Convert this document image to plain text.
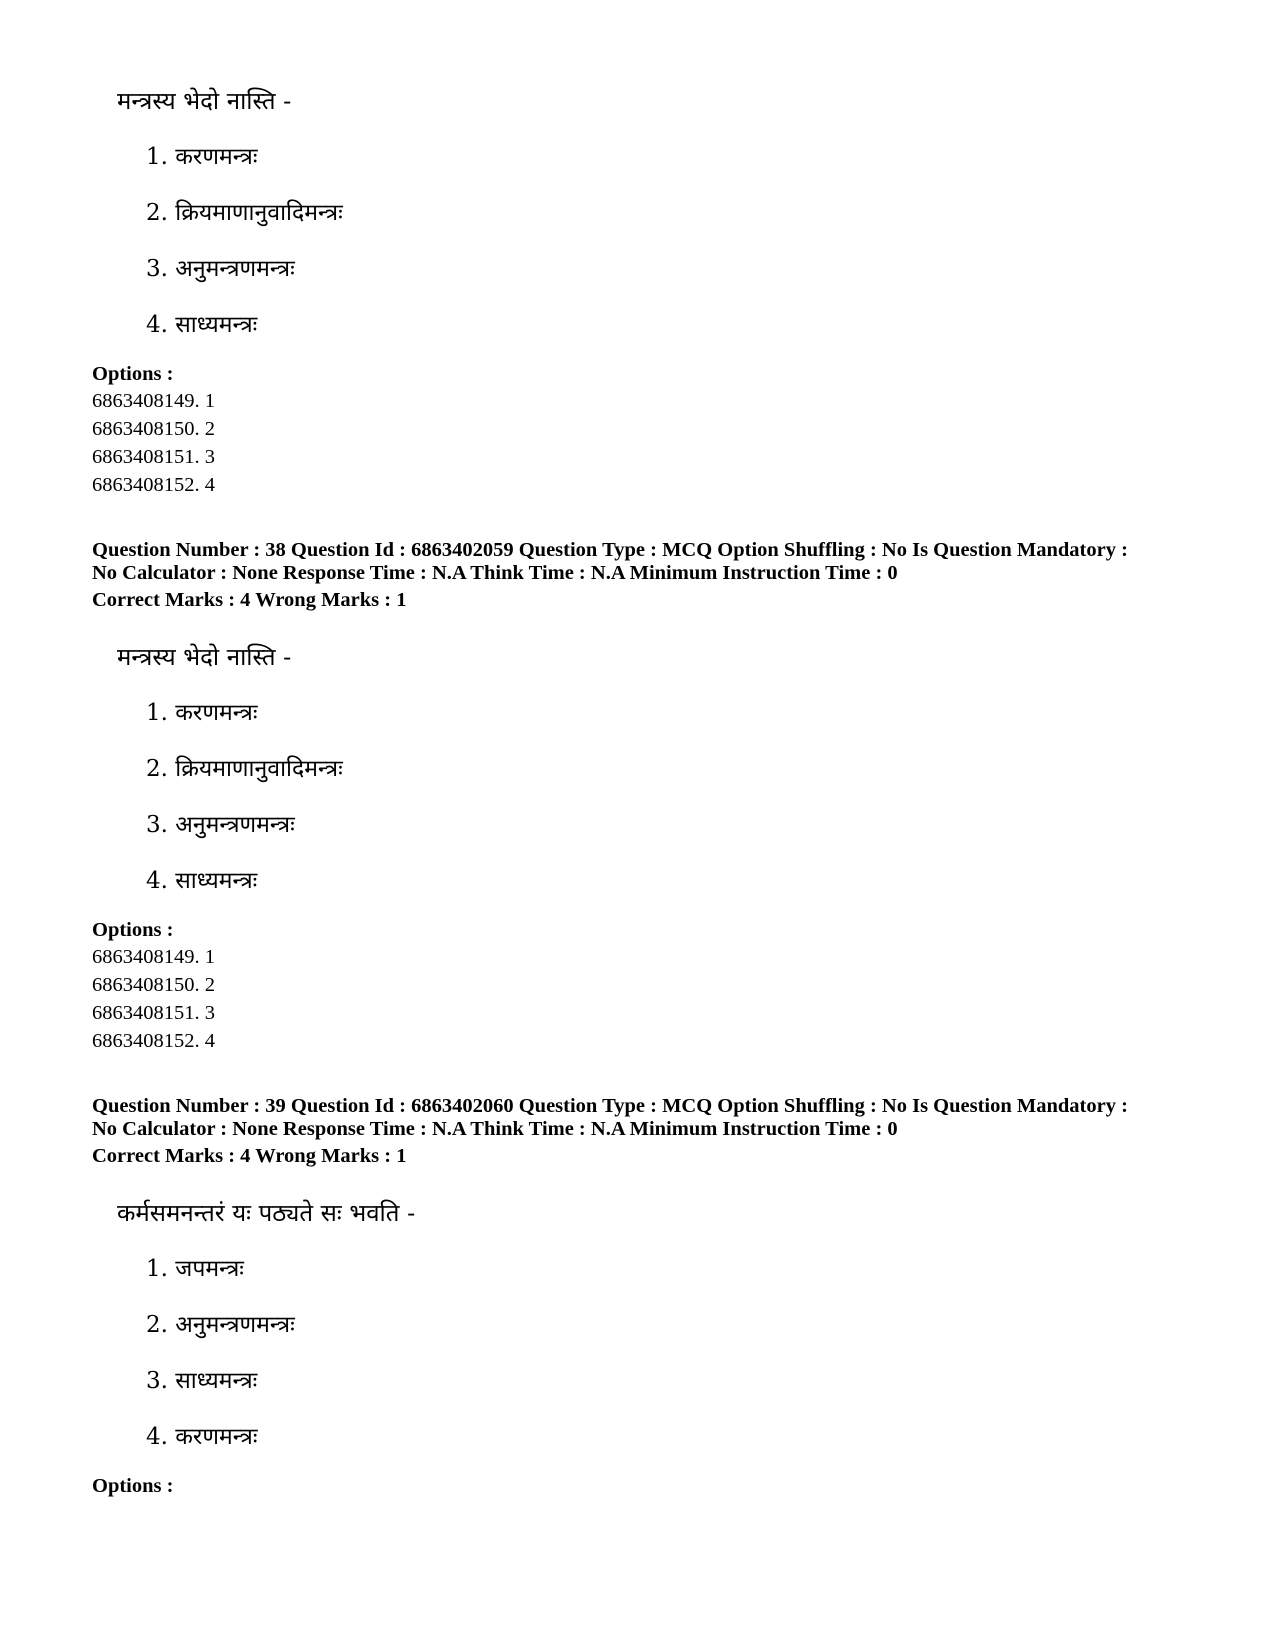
मन्त्रस्य भेदो नास्ति -
1. करणमन्त्रः
2. क्रियमाणानुवादिमन्त्रः
3. अनुमन्त्रणमन्त्रः
4. साध्यमन्त्रः
Options :
6863408149. 1
6863408150. 2
6863408151. 3
6863408152. 4
Question Number : 38 Question Id : 6863402059 Question Type : MCQ Option Shuffling : No Is Question Mandatory :
No Calculator : None Response Time : N.A Think Time : N.A Minimum Instruction Time : 0
Correct Marks : 4 Wrong Marks : 1
मन्त्रस्य भेदो नास्ति -
1. करणमन्त्रः
2. क्रियमाणानुवादिमन्त्रः
3. अनुमन्त्रणमन्त्रः
4. साध्यमन्त्रः
Options :
6863408149. 1
6863408150. 2
6863408151. 3
6863408152. 4
Question Number : 39 Question Id : 6863402060 Question Type : MCQ Option Shuffling : No Is Question Mandatory :
No Calculator : None Response Time : N.A Think Time : N.A Minimum Instruction Time : 0
Correct Marks : 4 Wrong Marks : 1
कर्मसमनन्तरं यः पठ्यते सः भवति -
1. जपमन्त्रः
2. अनुमन्त्रणमन्त्रः
3. साध्यमन्त्रः
4. करणमन्त्रः
Options :
